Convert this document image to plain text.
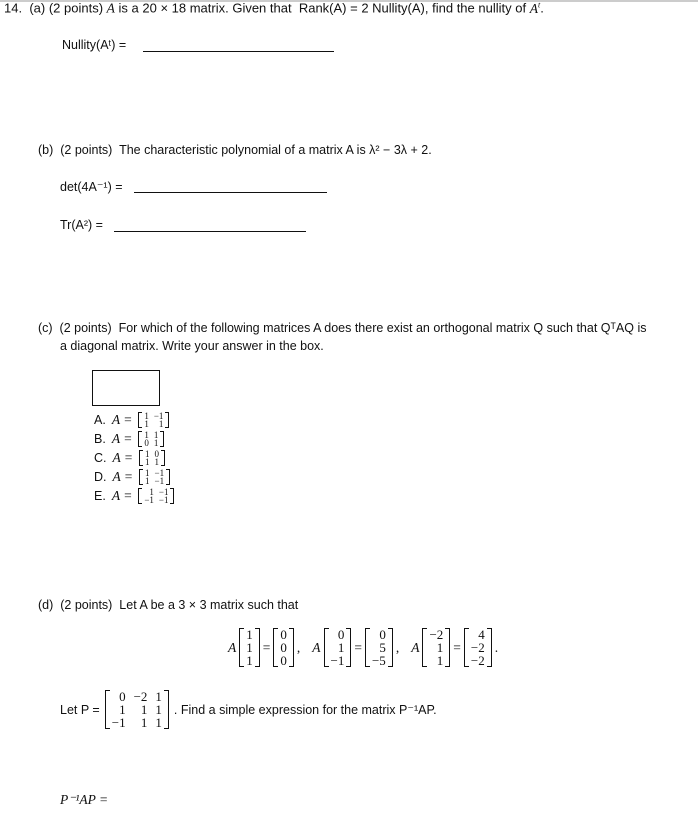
14. (a) (2 points) A is a 20 × 18 matrix. Given that Rank(A) = 2 Nullity(A), find the nullity of $A^t$.
Nullity(Aᵗ) =
(b) (2 points) The characteristic polynomial of a matrix A is λ² − 3λ + 2.
det(4A⁻¹) =
Tr(A²) =
(c) (2 points) For which of the following matrices A does there exist an orthogonal matrix Q such that QᵀAQ is
a diagonal matrix. Write your answer in the box.
A. A = 1 −1
1	1
B. A = 1 1
0 1
C. A = 1 0
1 1
D. A = 1 −1
1 −1
E. A =	1 −1
−1 −1
(d) (2 points) Let A be a 3 × 3 matrix such that
A
1
1
1
=
0
0
0
, A
0
1
−1
=
0
5
−5
, A
−2
1
1
=
4
−2
−2
.
Let P =
0 −2 1
1	1 1
−1	1 1
. Find a simple expression for the matrix P⁻¹AP.
P⁻¹AP =
